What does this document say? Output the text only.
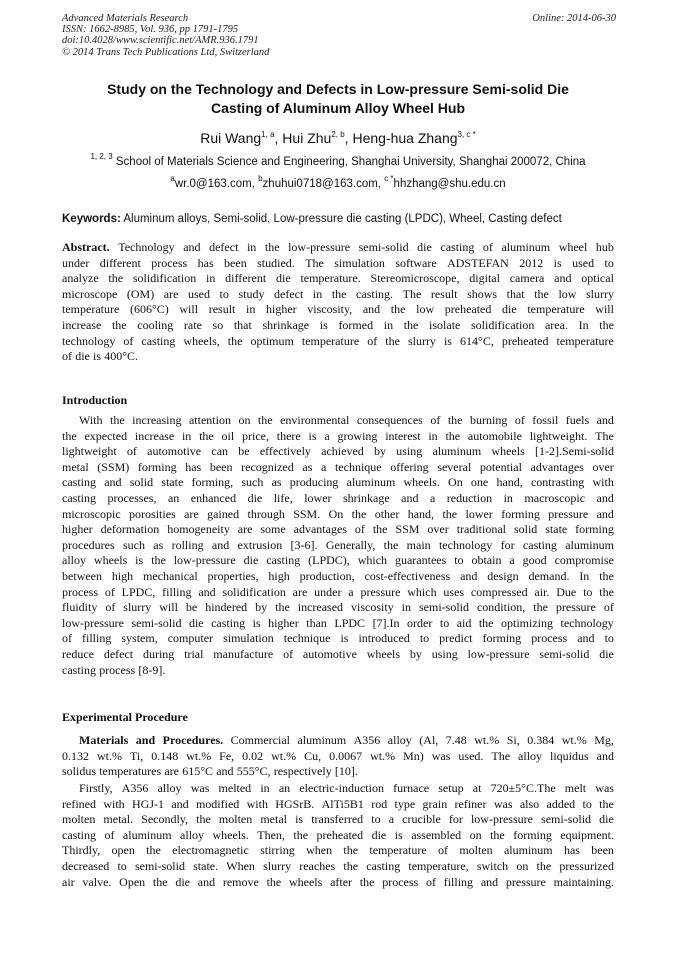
Advanced Materials Research
ISSN: 1662-8985, Vol. 936, pp 1791-1795
doi:10.4028/www.scientific.net/AMR.936.1791
© 2014 Trans Tech Publications Ltd, Switzerland
Online: 2014-06-30
Study on the Technology and Defects in Low-pressure Semi-solid Die
Casting of Aluminum Alloy Wheel Hub
Rui Wang$^{1, a}$, Hui Zhu$^{2, b}$, Heng-hua Zhang$^{3, c *}$
$^{1, 2, 3}$ School of Materials Science and Engineering, Shanghai University, Shanghai 200072, China
$^a$wr.0@163.com, $^b$zhuhui0718@163.com, $^{c *}$hhzhang@shu.edu.cn
Keywords: Aluminum alloys, Semi-solid, Low-pressure die casting (LPDC), Wheel, Casting defect
Abstract. Technology and defect in the low-pressure semi-solid die casting of aluminum wheel hub
under different process has been studied. The simulation software ADSTEFAN 2012 is used to
analyze the solidification in different die temperature. Stereomicroscope, digital camera and optical
microscope (OM) are used to study defect in the casting. The result shows that the low slurry
temperature (606°C) will result in higher viscosity, and the low preheated die temperature will
increase the cooling rate so that shrinkage is formed in the isolate solidification area. In the
technology of casting wheels, the optimum temperature of the slurry is 614°C, preheated temperature
of die is 400°C.
Introduction
With the increasing attention on the environmental consequences of the burning of fossil fuels and
the expected increase in the oil price, there is a growing interest in the automobile lightweight. The
lightweight of automotive can be effectively achieved by using aluminum wheels [1-2].Semi-solid
metal (SSM) forming has been recognized as a technique offering several potential advantages over
casting and solid state forming, such as producing aluminum wheels. On one hand, contrasting with
casting processes, an enhanced die life, lower shrinkage and a reduction in macroscopic and
microscopic porosities are gained through SSM. On the other hand, the lower forming pressure and
higher deformation homogeneity are some advantages of the SSM over traditional solid state forming
procedures such as rolling and extrusion [3-6]. Generally, the main technology for casting aluminum
alloy wheels is the low-pressure die casting (LPDC), which guarantees to obtain a good compromise
between high mechanical properties, high production, cost-effectiveness and design demand. In the
process of LPDC, filling and solidification are under a pressure which uses compressed air. Due to the
fluidity of slurry will be hindered by the increased viscosity in semi-solid condition, the pressure of
low-pressure semi-solid die casting is higher than LPDC [7].In order to aid the optimizing technology
of filling system, computer simulation technique is introduced to predict forming process and to
reduce defect during trial manufacture of automotive wheels by using low-pressure semi-solid die
casting process [8-9].
Experimental Procedure
Materials and Procedures. Commercial aluminum A356 alloy (Al, 7.48 wt.% Si, 0.384 wt.% Mg,
0.132 wt.% Ti, 0.148 wt.% Fe, 0.02 wt.% Cu, 0.0067 wt.% Mn) was used. The alloy liquidus and
solidus temperatures are 615°C and 555°C, respectively [10].
Firstly, A356 alloy was melted in an electric-induction furnace setup at 720±5°C.The melt was
refined with HGJ-1 and modified with HGSrB. AlTi5B1 rod type grain refiner was also added to the
molten metal. Secondly, the molten metal is transferred to a crucible for low-pressure semi-solid die
casting of aluminum alloy wheels. Then, the preheated die is assembled on the forming equipment.
Thirdly, open the electromagnetic stirring when the temperature of molten aluminum has been
decreased to semi-solid state. When slurry reaches the casting temperature, switch on the pressurized
air valve. Open the die and remove the wheels after the process of filling and pressure maintaining.
